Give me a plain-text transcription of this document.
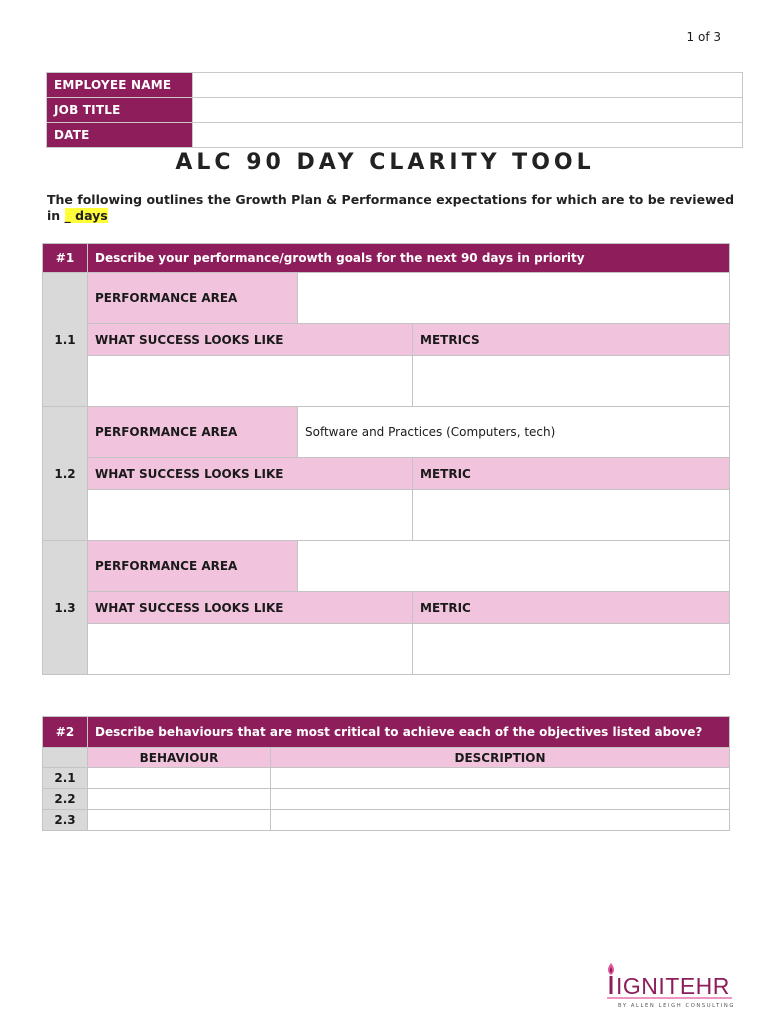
1 of 3
EMPLOYEE NAME	
JOB TITLE	
DATE	
ALC 90 DAY CLARITY TOOL
The following outlines the Growth Plan & Performance expectations for which are to be reviewed in _ days
#1	Describe your performance/growth goals for the next 90 days in priority		
1.1	PERFORMANCE AREA		
	WHAT SUCCESS LOOKS LIKE		METRICS

1.2	PERFORMANCE AREA	Software and Practices (Computers, tech)	
	WHAT SUCCESS LOOKS LIKE		METRIC

1.3	PERFORMANCE AREA		
	WHAT SUCCESS LOOKS LIKE		METRIC

#2	Describe behaviours that are most critical to achieve each of the objectives listed above?	
	BEHAVIOUR	DESCRIPTION
2.1		
2.2		
2.3		
IGNITEHR
BY ALLEN LEIGH CONSULTING
